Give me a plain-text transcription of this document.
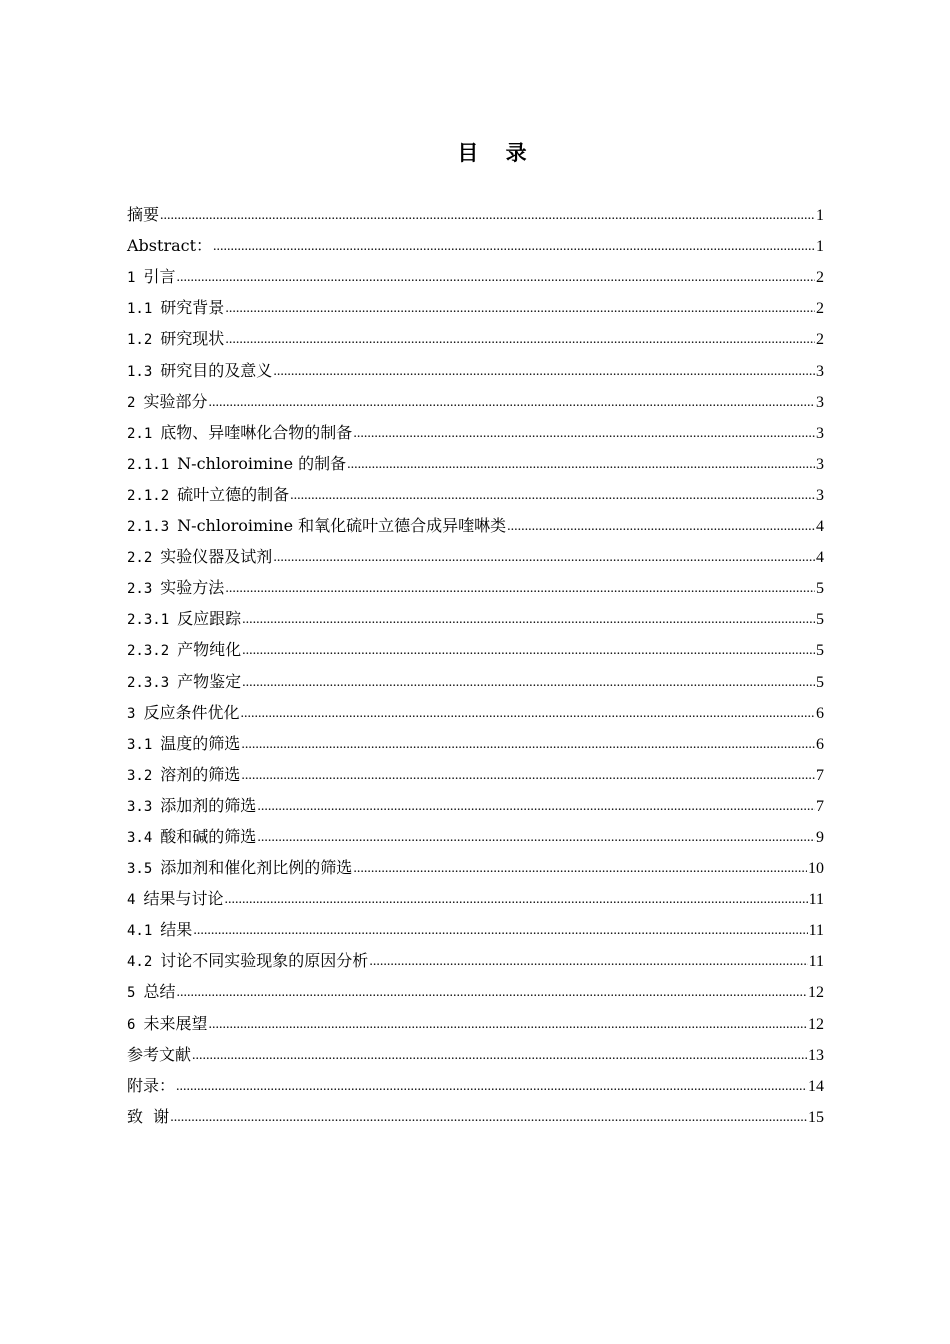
目 录
摘要 .....	1
Abstract： .....	1
1 引言 .....	2
1.1 研究背景 .....	2
1.2 研究现状 .....	2
1.3 研究目的及意义 .....	3
2 实验部分 .....	3
2.1 底物、异喹啉化合物的制备 .....	3
2.1.1 N-chloroimine 的制备 .....	3
2.1.2 硫叶立德的制备 .....	3
2.1.3 N-chloroimine 和氧化硫叶立德合成异喹啉类 .....	4
2.2 实验仪器及试剂 .....	4
2.3 实验方法 .....	5
2.3.1 反应跟踪 .....	5
2.3.2 产物纯化 .....	5
2.3.3 产物鉴定 .....	5
3 反应条件优化 .....	6
3.1 温度的筛选 .....	6
3.2 溶剂的筛选 .....	7
3.3 添加剂的筛选 .....	7
3.4 酸和碱的筛选 .....	9
3.5 添加剂和催化剂比例的筛选 .....	10
4 结果与讨论 .....	11
4.1 结果 .....	11
4.2 讨论不同实验现象的原因分析 .....	11
5 总结 .....	12
6 未来展望 .....	12
参考文献 .....	13
附录： .....	14
致  谢 .....	15
